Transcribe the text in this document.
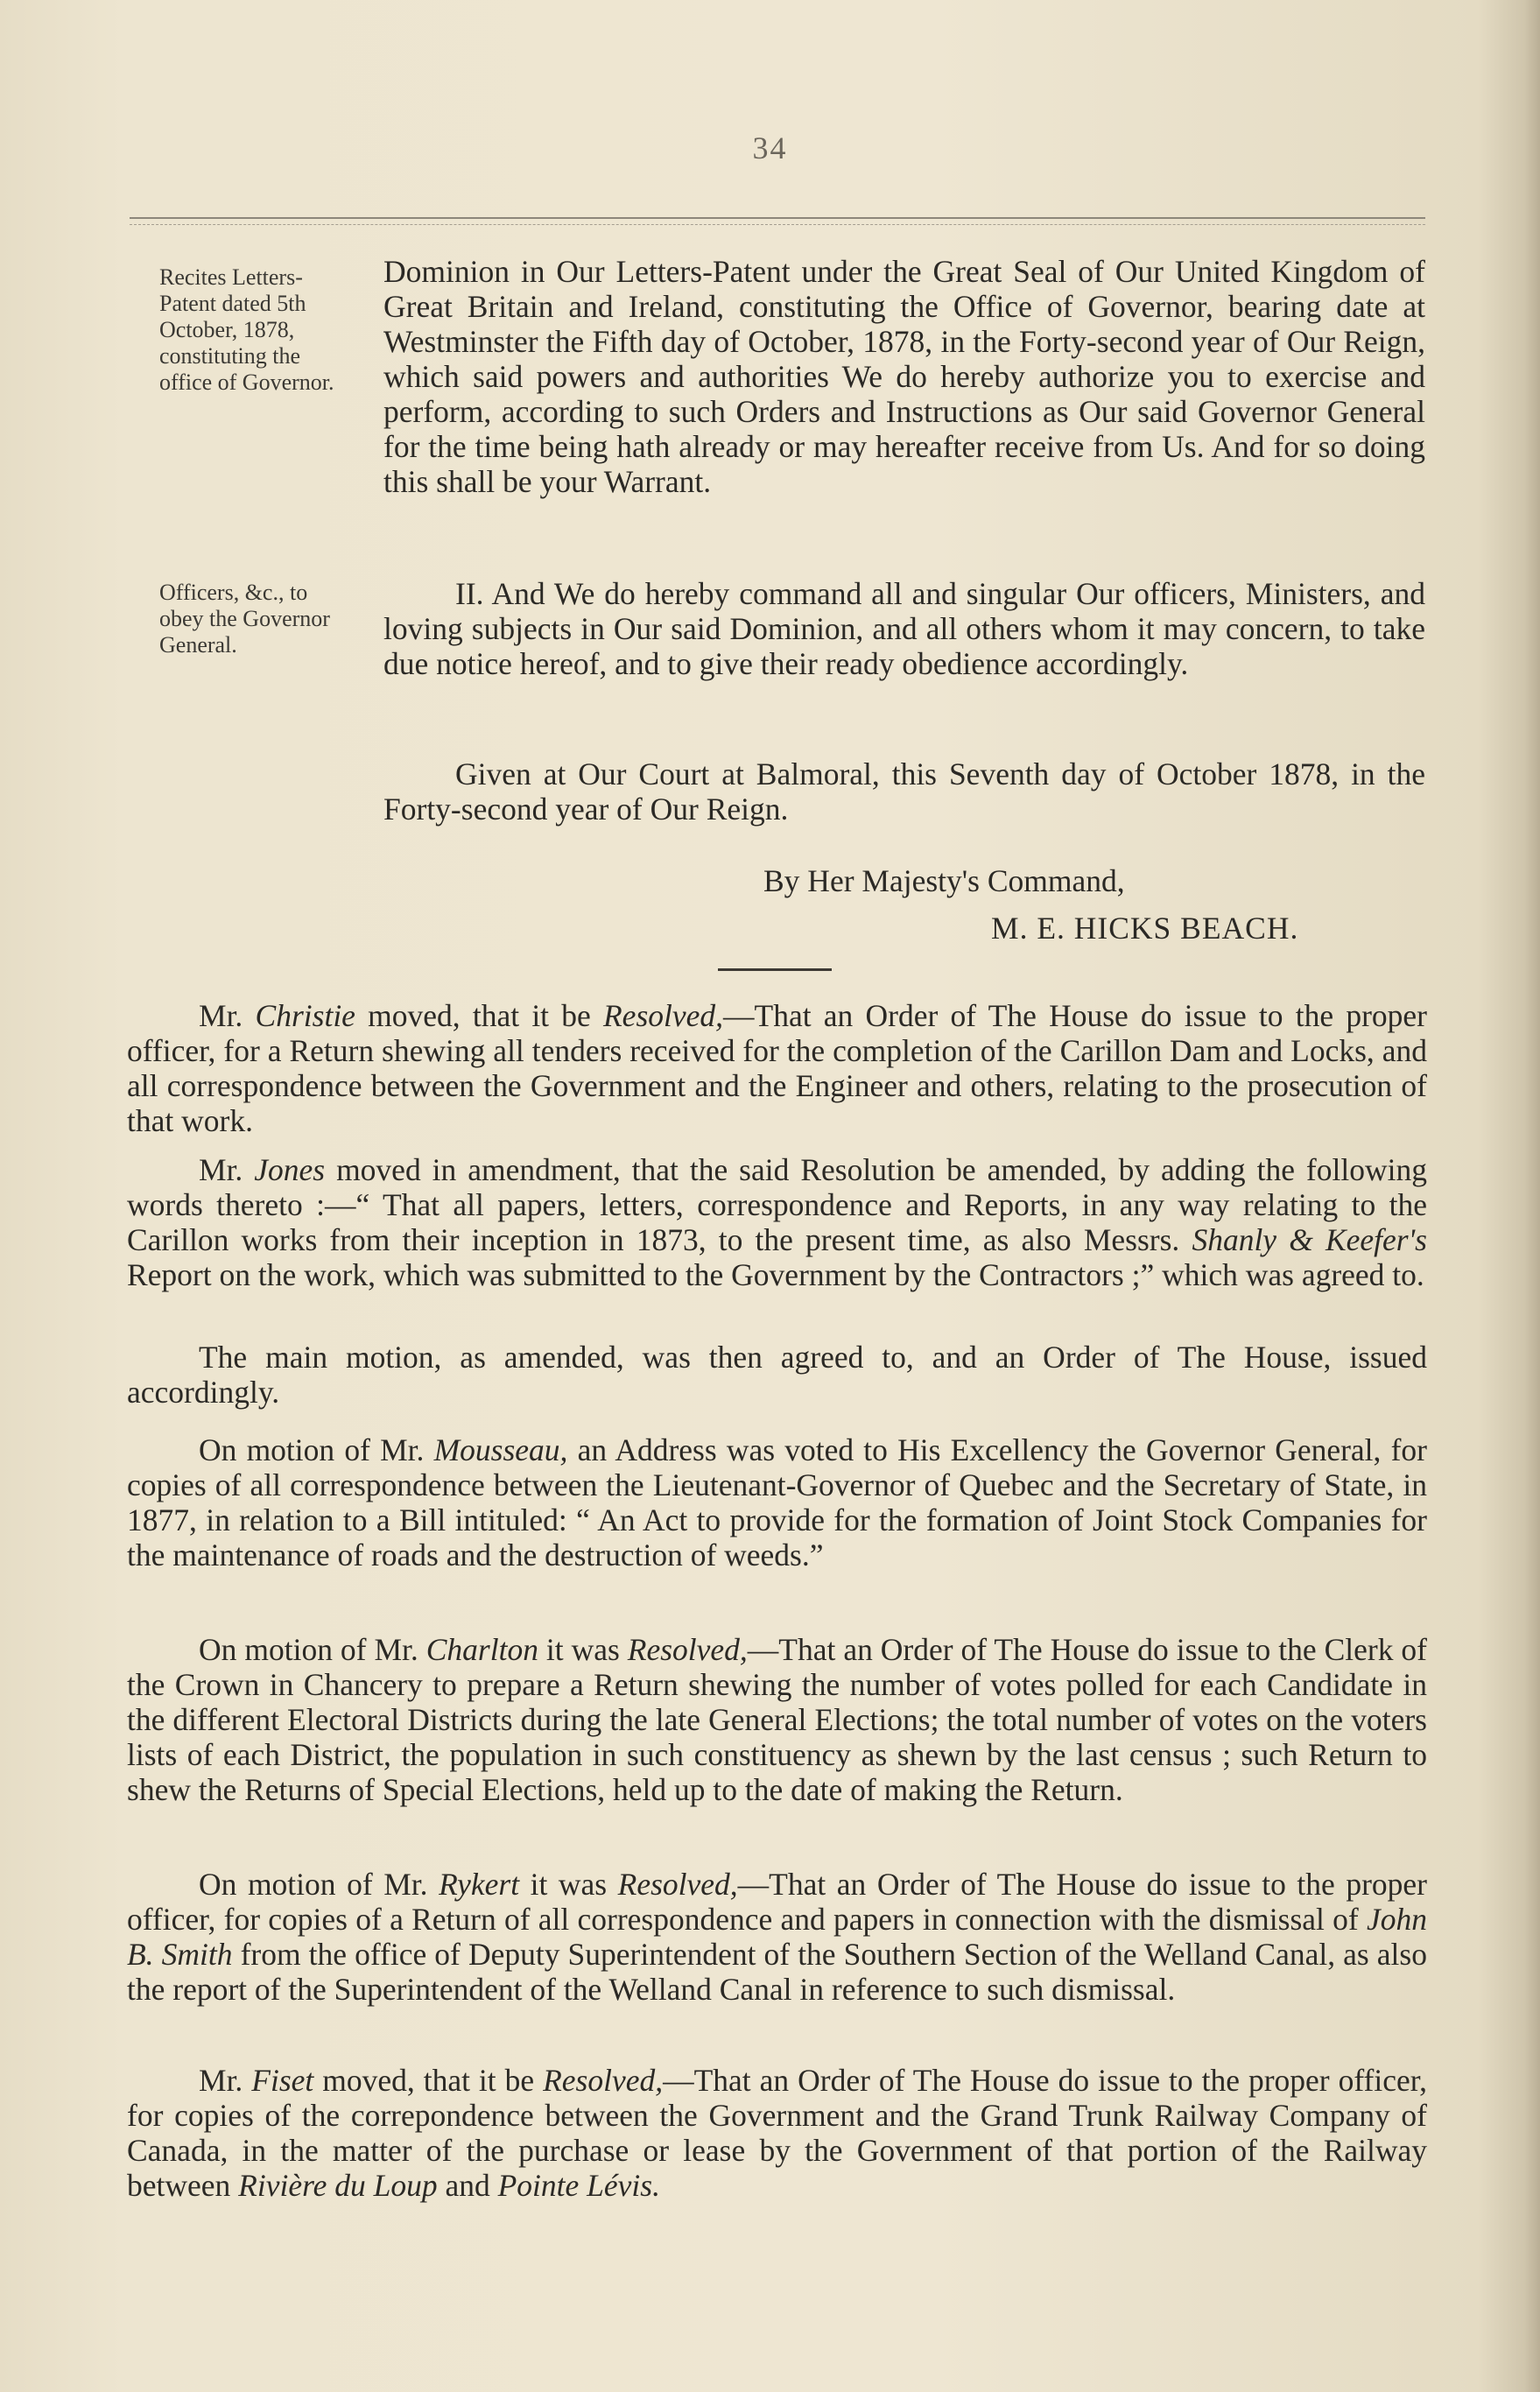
34
Recites Letters-Patent dated 5th October, 1878, constituting the office of Governor.
Officers, &c., to obey the Governor General.

Dominion in Our Letters-Patent under the Great Seal of Our United Kingdom of Great Britain and Ireland, constituting the Office of Governor, bearing date at Westminster the Fifth day of October, 1878, in the Forty-second year of Our Reign, which said powers and authorities We do hereby authorize you to exercise and perform, according to such Orders and Instructions as Our said Governor General for the time being hath already or may hereafter receive from Us. And for so doing this shall be your Warrant.

II. And We do hereby command all and singular Our officers, Ministers, and loving subjects in Our said Dominion, and all others whom it may concern, to take due notice hereof, and to give their ready obedience accordingly.

Given at Our Court at Balmoral, this Seventh day of October 1878, in the Forty-second year of Our Reign.

By Her Majesty's Command,
M. E. HICKS BEACH.

Mr. Christie moved, that it be Resolved,—That an Order of The House do issue to the proper officer, for a Return shewing all tenders received for the completion of the Carillon Dam and Locks, and all correspondence between the Government and the Engineer and others, relating to the prosecution of that work.

Mr. Jones moved in amendment, that the said Resolution be amended, by adding the following words thereto :—“ That all papers, letters, correspondence and Reports, in any way relating to the Carillon works from their inception in 1873, to the present time, as also Messrs. Shanly & Keefer's Report on the work, which was submitted to the Government by the Contractors ;” which was agreed to.

The main motion, as amended, was then agreed to, and an Order of The House, issued accordingly.

On motion of Mr. Mousseau, an Address was voted to His Excellency the Governor General, for copies of all correspondence between the Lieutenant-Governor of Quebec and the Secretary of State, in 1877, in relation to a Bill intituled: “ An Act to provide for the formation of Joint Stock Companies for the maintenance of roads and the destruction of weeds.”

On motion of Mr. Charlton it was Resolved,—That an Order of The House do issue to the Clerk of the Crown in Chancery to prepare a Return shewing the number of votes polled for each Candidate in the different Electoral Districts during the late General Elections; the total number of votes on the voters lists of each District, the population in such constituency as shewn by the last census ; such Return to shew the Returns of Special Elections, held up to the date of making the Return.

On motion of Mr. Rykert it was Resolved,—That an Order of The House do issue to the proper officer, for copies of a Return of all correspondence and papers in connection with the dismissal of John B. Smith from the office of Deputy Superintendent of the Southern Section of the Welland Canal, as also the report of the Superintendent of the Welland Canal in reference to such dismissal.

Mr. Fiset moved, that it be Resolved,—That an Order of The House do issue to the proper officer, for copies of the correpondence between the Government and the Grand Trunk Railway Company of Canada, in the matter of the purchase or lease by the Government of that portion of the Railway between Rivière du Loup and Pointe Lévis.
